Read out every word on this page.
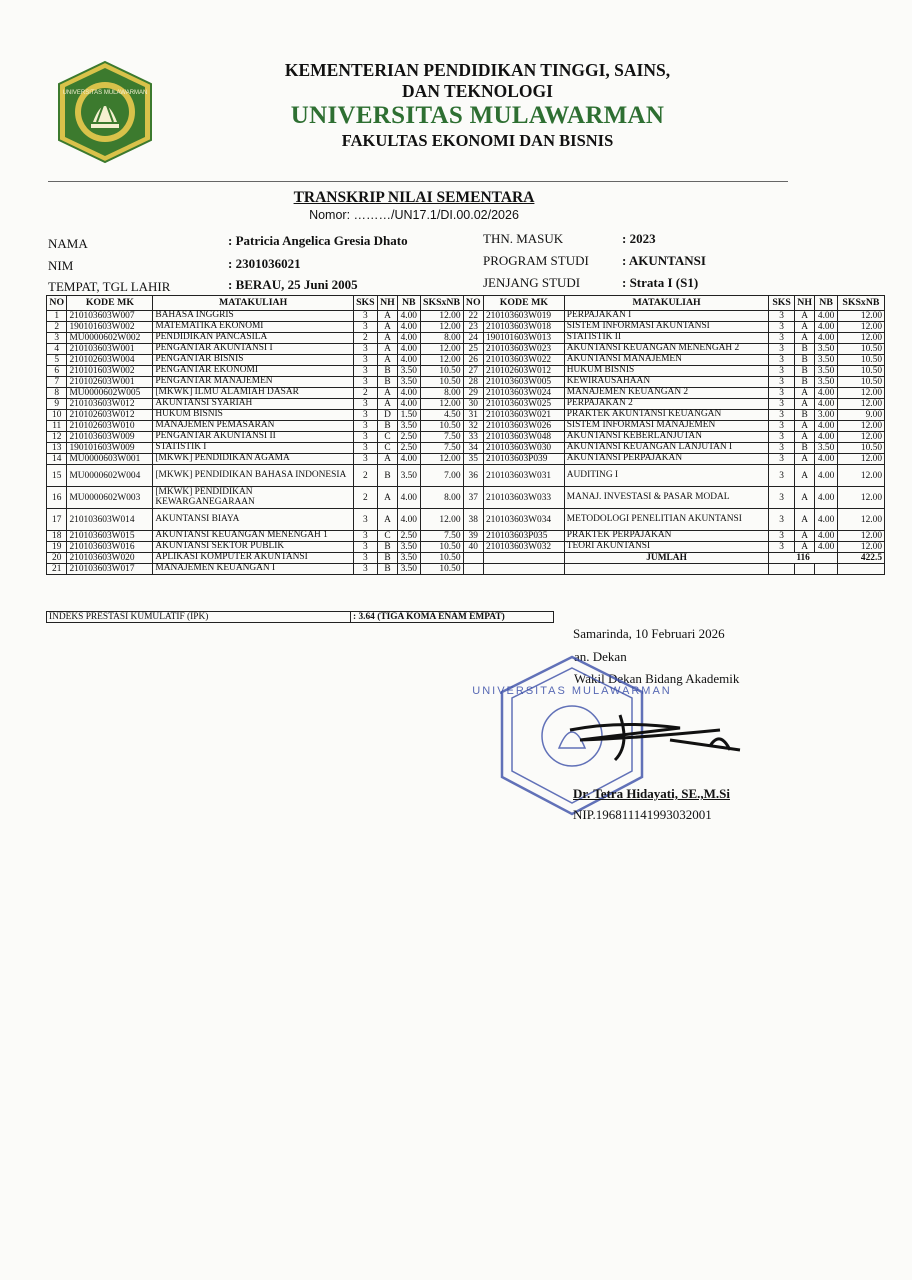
UNIVERSITAS MULAWARMAN
KEMENTERIAN PENDIDIKAN TINGGI, SAINS,
DAN TEKNOLOGI
UNIVERSITAS MULAWARMAN
FAKULTAS EKONOMI DAN BISNIS
TRANSKRIP NILAI SEMENTARA
Nomor: ………/UN17.1/DI.00.02/2026
NAMA	: Patricia Angelica Gresia Dhato
NIM	: 2301036021
TEMPAT, TGL LAHIR	: BERAU, 25 Juni 2005
THN. MASUK	: 2023
PROGRAM STUDI	: AKUNTANSI
JENJANG STUDI	: Strata I (S1)
NO	KODE MK	MATAKULIAH	SKS	NH	NB	SKSxNB	NO	KODE MK	MATAKULIAH	SKS	NH	NB	SKSxNB
1	210103603W007	BAHASA INGGRIS	3	A	4.00	12.00	22	210103603W019	PERPAJAKAN I	3	A	4.00	12.00
2	190101603W002	MATEMATIKA EKONOMI	3	A	4.00	12.00	23	210103603W018	SISTEM INFORMASI AKUNTANSI	3	A	4.00	12.00
3	MU0000602W002	PENDIDIKAN PANCASILA	2	A	4.00	8.00	24	190101603W013	STATISTIK II	3	A	4.00	12.00
4	210103603W001	PENGANTAR AKUNTANSI I	3	A	4.00	12.00	25	210103603W023	AKUNTANSI KEUANGAN MENENGAH 2	3	B	3.50	10.50
5	210102603W004	PENGANTAR BISNIS	3	A	4.00	12.00	26	210103603W022	AKUNTANSI MANAJEMEN	3	B	3.50	10.50
6	210101603W002	PENGANTAR EKONOMI	3	B	3.50	10.50	27	210102603W012	HUKUM BISNIS	3	B	3.50	10.50
7	210102603W001	PENGANTAR MANAJEMEN	3	B	3.50	10.50	28	210103603W005	KEWIRAUSAHAAN	3	B	3.50	10.50
8	MU0000602W005	[MKWK] ILMU ALAMIAH DASAR	2	A	4.00	8.00	29	210103603W024	MANAJEMEN KEUANGAN 2	3	A	4.00	12.00
9	210103603W012	AKUNTANSI SYARIAH	3	A	4.00	12.00	30	210103603W025	PERPAJAKAN 2	3	A	4.00	12.00
10	210102603W012	HUKUM BISNIS	3	D	1.50	4.50	31	210103603W021	PRAKTEK AKUNTANSI KEUANGAN	3	B	3.00	9.00
11	210102603W010	MANAJEMEN PEMASARAN	3	B	3.50	10.50	32	210103603W026	SISTEM INFORMASI MANAJEMEN	3	A	4.00	12.00
12	210103603W009	PENGANTAR AKUNTANSI II	3	C	2.50	7.50	33	210103603W048	AKUNTANSI KEBERLANJUTAN	3	A	4.00	12.00
13	190101603W009	STATISTIK I	3	C	2.50	7.50	34	210103603W030	AKUNTANSI KEUANGAN LANJUTAN I	3	B	3.50	10.50
14	MU0000603W001	[MKWK] PENDIDIKAN AGAMA	3	A	4.00	12.00	35	210103603P039	AKUNTANSI PERPAJAKAN	3	A	4.00	12.00
15	MU0000602W004	[MKWK] PENDIDIKAN BAHASA INDONESIA	2	B	3.50	7.00	36	210103603W031	AUDITING I	3	A	4.00	12.00
16	MU0000602W003	[MKWK] PENDIDIKAN KEWARGANEGARAAN	2	A	4.00	8.00	37	210103603W033	MANAJ. INVESTASI & PASAR MODAL	3	A	4.00	12.00
17	210103603W014	AKUNTANSI BIAYA	3	A	4.00	12.00	38	210103603W034	METODOLOGI PENELITIAN AKUNTANSI	3	A	4.00	12.00
18	210103603W015	AKUNTANSI KEUANGAN MENENGAH 1	3	C	2.50	7.50	39	210103603P035	PRAKTEK PERPAJAKAN	3	A	4.00	12.00
19	210103603W016	AKUNTANSI SEKTOR PUBLIK	3	B	3.50	10.50	40	210103603W032	TEORI AKUNTANSI	3	A	4.00	12.00
20	210103603W020	APLIKASI KOMPUTER AKUNTANSI	3	B	3.50	10.50			JUMLAH	116			422.5
21	210103603W017	MANAJEMEN KEUANGAN I	3	B	3.50	10.50							
INDEKS PRESTASI KUMULATIF (IPK)	: 3.64 (TIGA KOMA ENAM EMPAT)
Samarinda, 10 Februari 2026
an. Dekan
Wakil Dekan Bidang Akademik
UNIVERSITAS MULAWARMAN
Dr. Tetra Hidayati, SE.,M.Si
NIP.196811141993032001
